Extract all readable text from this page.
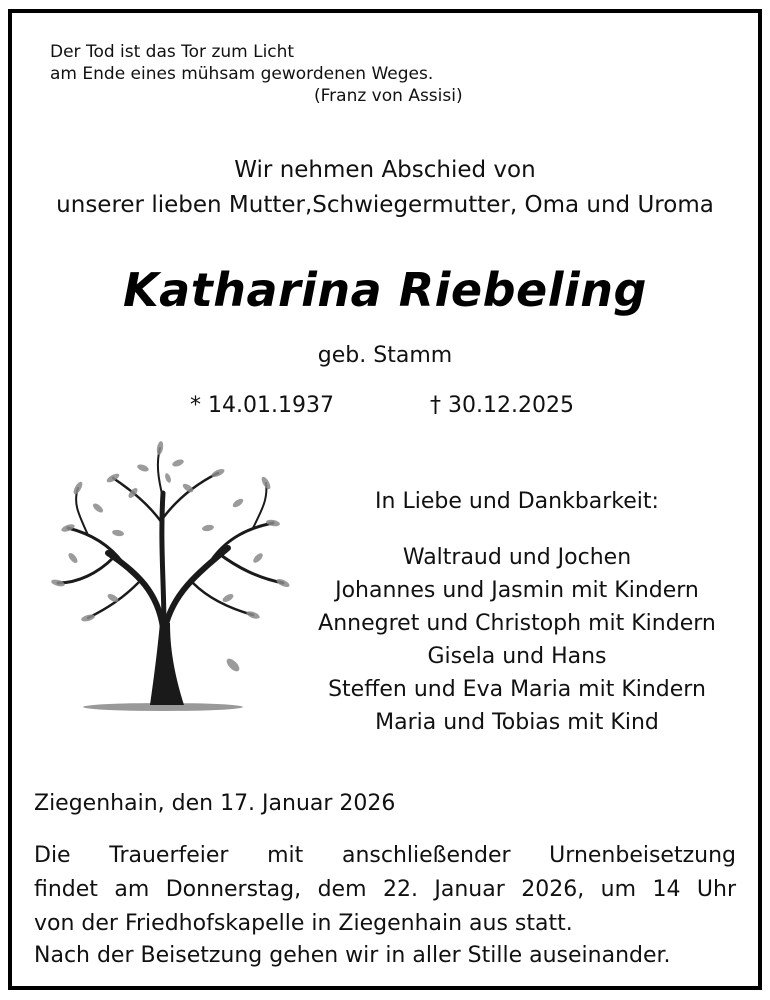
Der Tod ist das Tor zum Licht
am Ende eines mühsam gewordenen Weges.
(Franz von Assisi)
Wir nehmen Abschied von
unserer lieben Mutter,Schwiegermutter, Oma und Uroma
Katharina Riebeling
geb. Stamm
* 14.01.1937	† 30.12.2025
In Liebe und Dankbarkeit:
Waltraud und Jochen
Johannes und Jasmin mit Kindern
Annegret und Christoph mit Kindern
Gisela und Hans
Steffen und Eva Maria mit Kindern
Maria und Tobias mit Kind
Ziegenhain, den 17. Januar 2026
Die Trauerfeier mit anschließender Urnenbeisetzung
findet am Donnerstag, dem 22. Januar 2026, um 14 Uhr
von der Friedhofskapelle in Ziegenhain aus statt.
Nach der Beisetzung gehen wir in aller Stille auseinander.
